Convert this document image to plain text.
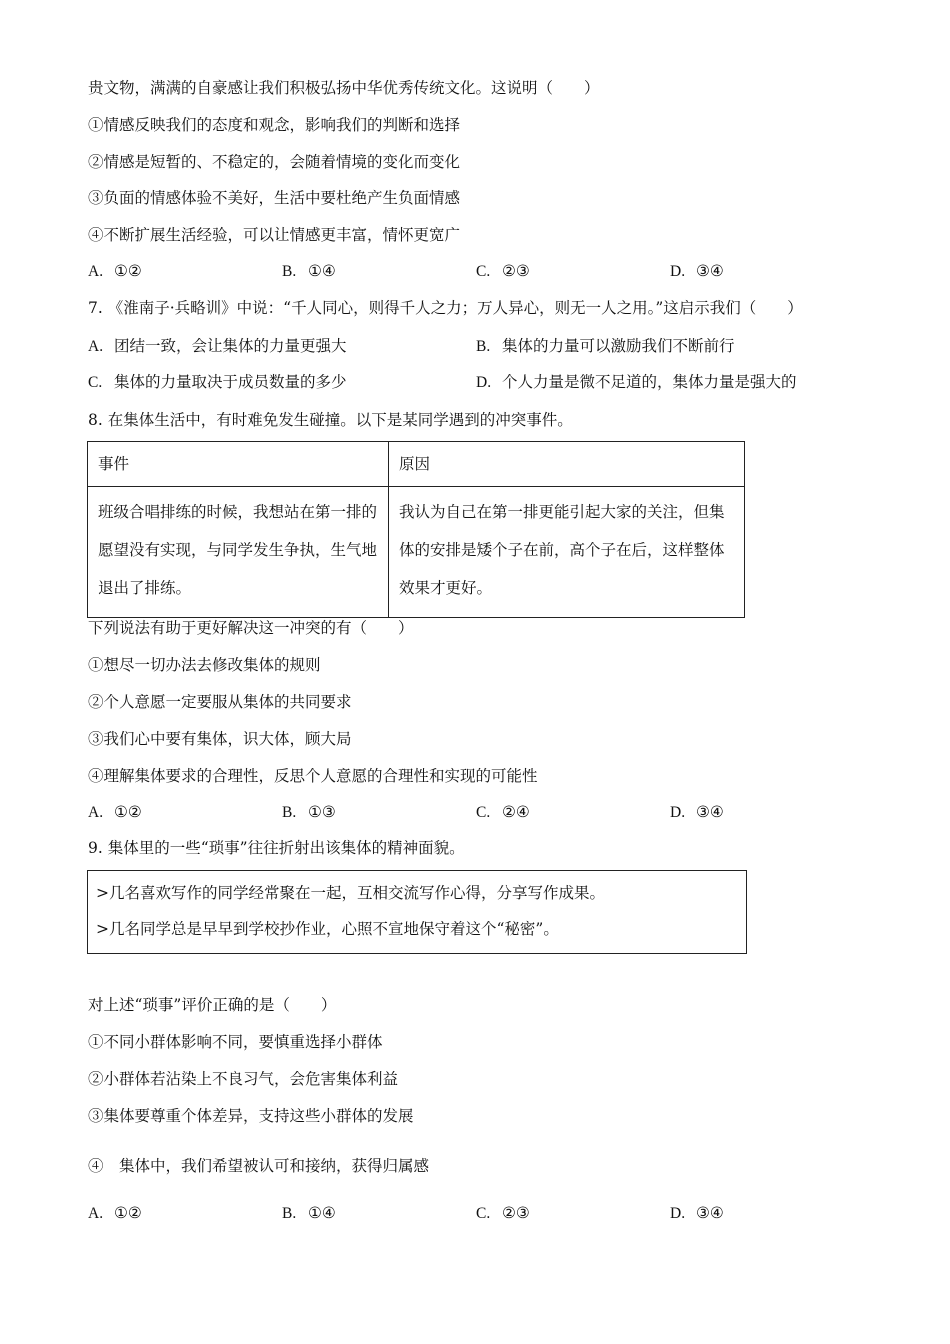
贵文物，满满的自豪感让我们积极弘扬中华优秀传统文化。这说明（　　）
①情感反映我们的态度和观念，影响我们的判断和选择
②情感是短暂的、不稳定的，会随着情境的变化而变化
③负面的情感体验不美好，生活中要杜绝产生负面情感
④不断扩展生活经验，可以让情感更丰富，情怀更宽广
A. ①②	B. ①④	C. ②③	D. ③④
7. 《淮南子·兵略训》中说：“千人同心，则得千人之力；万人异心，则无一人之用。”这启示我们（　　）
A. 团结一致，会让集体的力量更强大	B. 集体的力量可以激励我们不断前行
C. 集体的力量取决于成员数量的多少	D. 个人力量是微不足道的，集体力量是强大的
8. 在集体生活中，有时难免发生碰撞。以下是某同学遇到的冲突事件。
事件	原因
班级合唱排练的时候，我想站在第一排的愿望没有实现，与同学发生争执，生气地退出了排练。	我认为自己在第一排更能引起大家的关注，但集体的安排是矮个子在前，高个子在后，这样整体效果才更好。
下列说法有助于更好解决这一冲突的有（　　）
①想尽一切办法去修改集体的规则
②个人意愿一定要服从集体的共同要求
③我们心中要有集体，识大体，顾大局
④理解集体要求的合理性，反思个人意愿的合理性和实现的可能性
A. ①②	B. ①③	C. ②④	D. ③④
9. 集体里的一些“琐事”往往折射出该集体的精神面貌。
>几名喜欢写作的同学经常聚在一起，互相交流写作心得，分享写作成果。
>几名同学总是早早到学校抄作业，心照不宣地保守着这个“秘密”。
对上述“琐事”评价正确的是（　　）
①不同小群体影响不同，要慎重选择小群体
②小群体若沾染上不良习气，会危害集体利益
③集体要尊重个体差异，支持这些小群体的发展
④　集体中，我们希望被认可和接纳，获得归属感
A. ①②	B. ①④	C. ②③	D. ③④
